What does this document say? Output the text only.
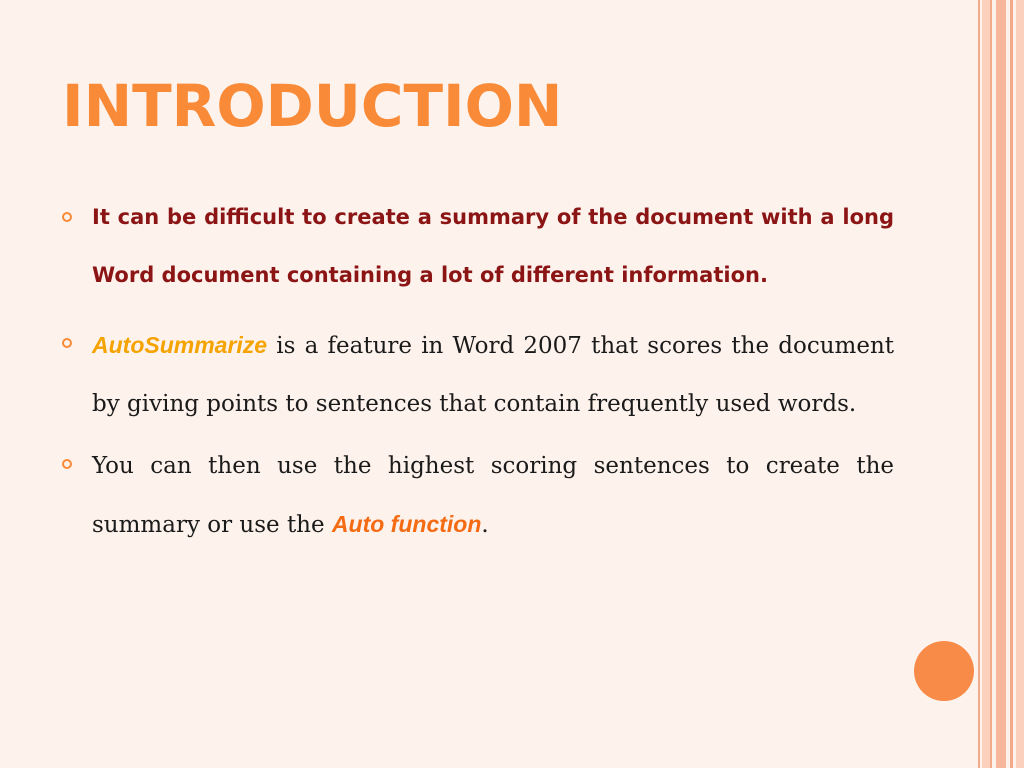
INTRODUCTION
It can be difficult to create a summary of the document with a long Word document containing a lot of different information.
AutoSummarize is a feature in Word 2007 that scores the document by giving points to sentences that contain frequently used words.
You can then use the highest scoring sentences to create the summary or use the Auto function.
